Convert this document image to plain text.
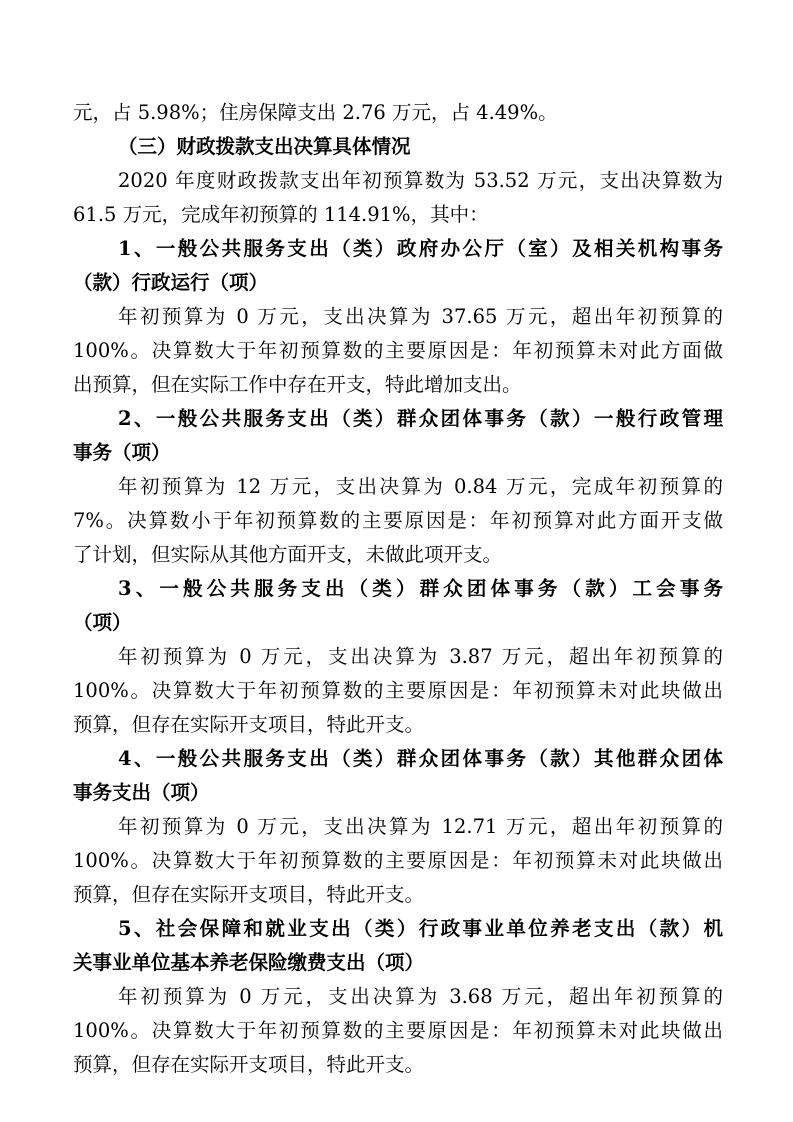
元，占 5.98%；住房保障支出 2.76 万元，占 4.49%。
（三）财政拨款支出决算具体情况
2020 年度财政拨款支出年初预算数为 53.52 万元，支出决算数为
61.5 万元，完成年初预算的 114.91%，其中：
1、一般公共服务支出（类）政府办公厅（室）及相关机构事务
（款）行政运行（项）
年初预算为 0 万元，支出决算为 37.65 万元，超出年初预算的
100%。决算数大于年初预算数的主要原因是：年初预算未对此方面做
出预算，但在实际工作中存在开支，特此增加支出。
2、一般公共服务支出（类）群众团体事务（款）一般行政管理
事务（项）
年初预算为 12 万元，支出决算为 0.84 万元，完成年初预算的
7%。决算数小于年初预算数的主要原因是：年初预算对此方面开支做
了计划，但实际从其他方面开支，未做此项开支。
3、一般公共服务支出（类）群众团体事务（款）工会事务
（项）
年初预算为 0 万元，支出决算为 3.87 万元，超出年初预算的
100%。决算数大于年初预算数的主要原因是：年初预算未对此块做出
预算，但存在实际开支项目，特此开支。
4、一般公共服务支出（类）群众团体事务（款）其他群众团体
事务支出（项）
年初预算为 0 万元，支出决算为 12.71 万元，超出年初预算的
100%。决算数大于年初预算数的主要原因是：年初预算未对此块做出
预算，但存在实际开支项目，特此开支。
5、社会保障和就业支出（类）行政事业单位养老支出（款）机
关事业单位基本养老保险缴费支出（项）
年初预算为 0 万元，支出决算为 3.68 万元，超出年初预算的
100%。决算数大于年初预算数的主要原因是：年初预算未对此块做出
预算，但存在实际开支项目，特此开支。
